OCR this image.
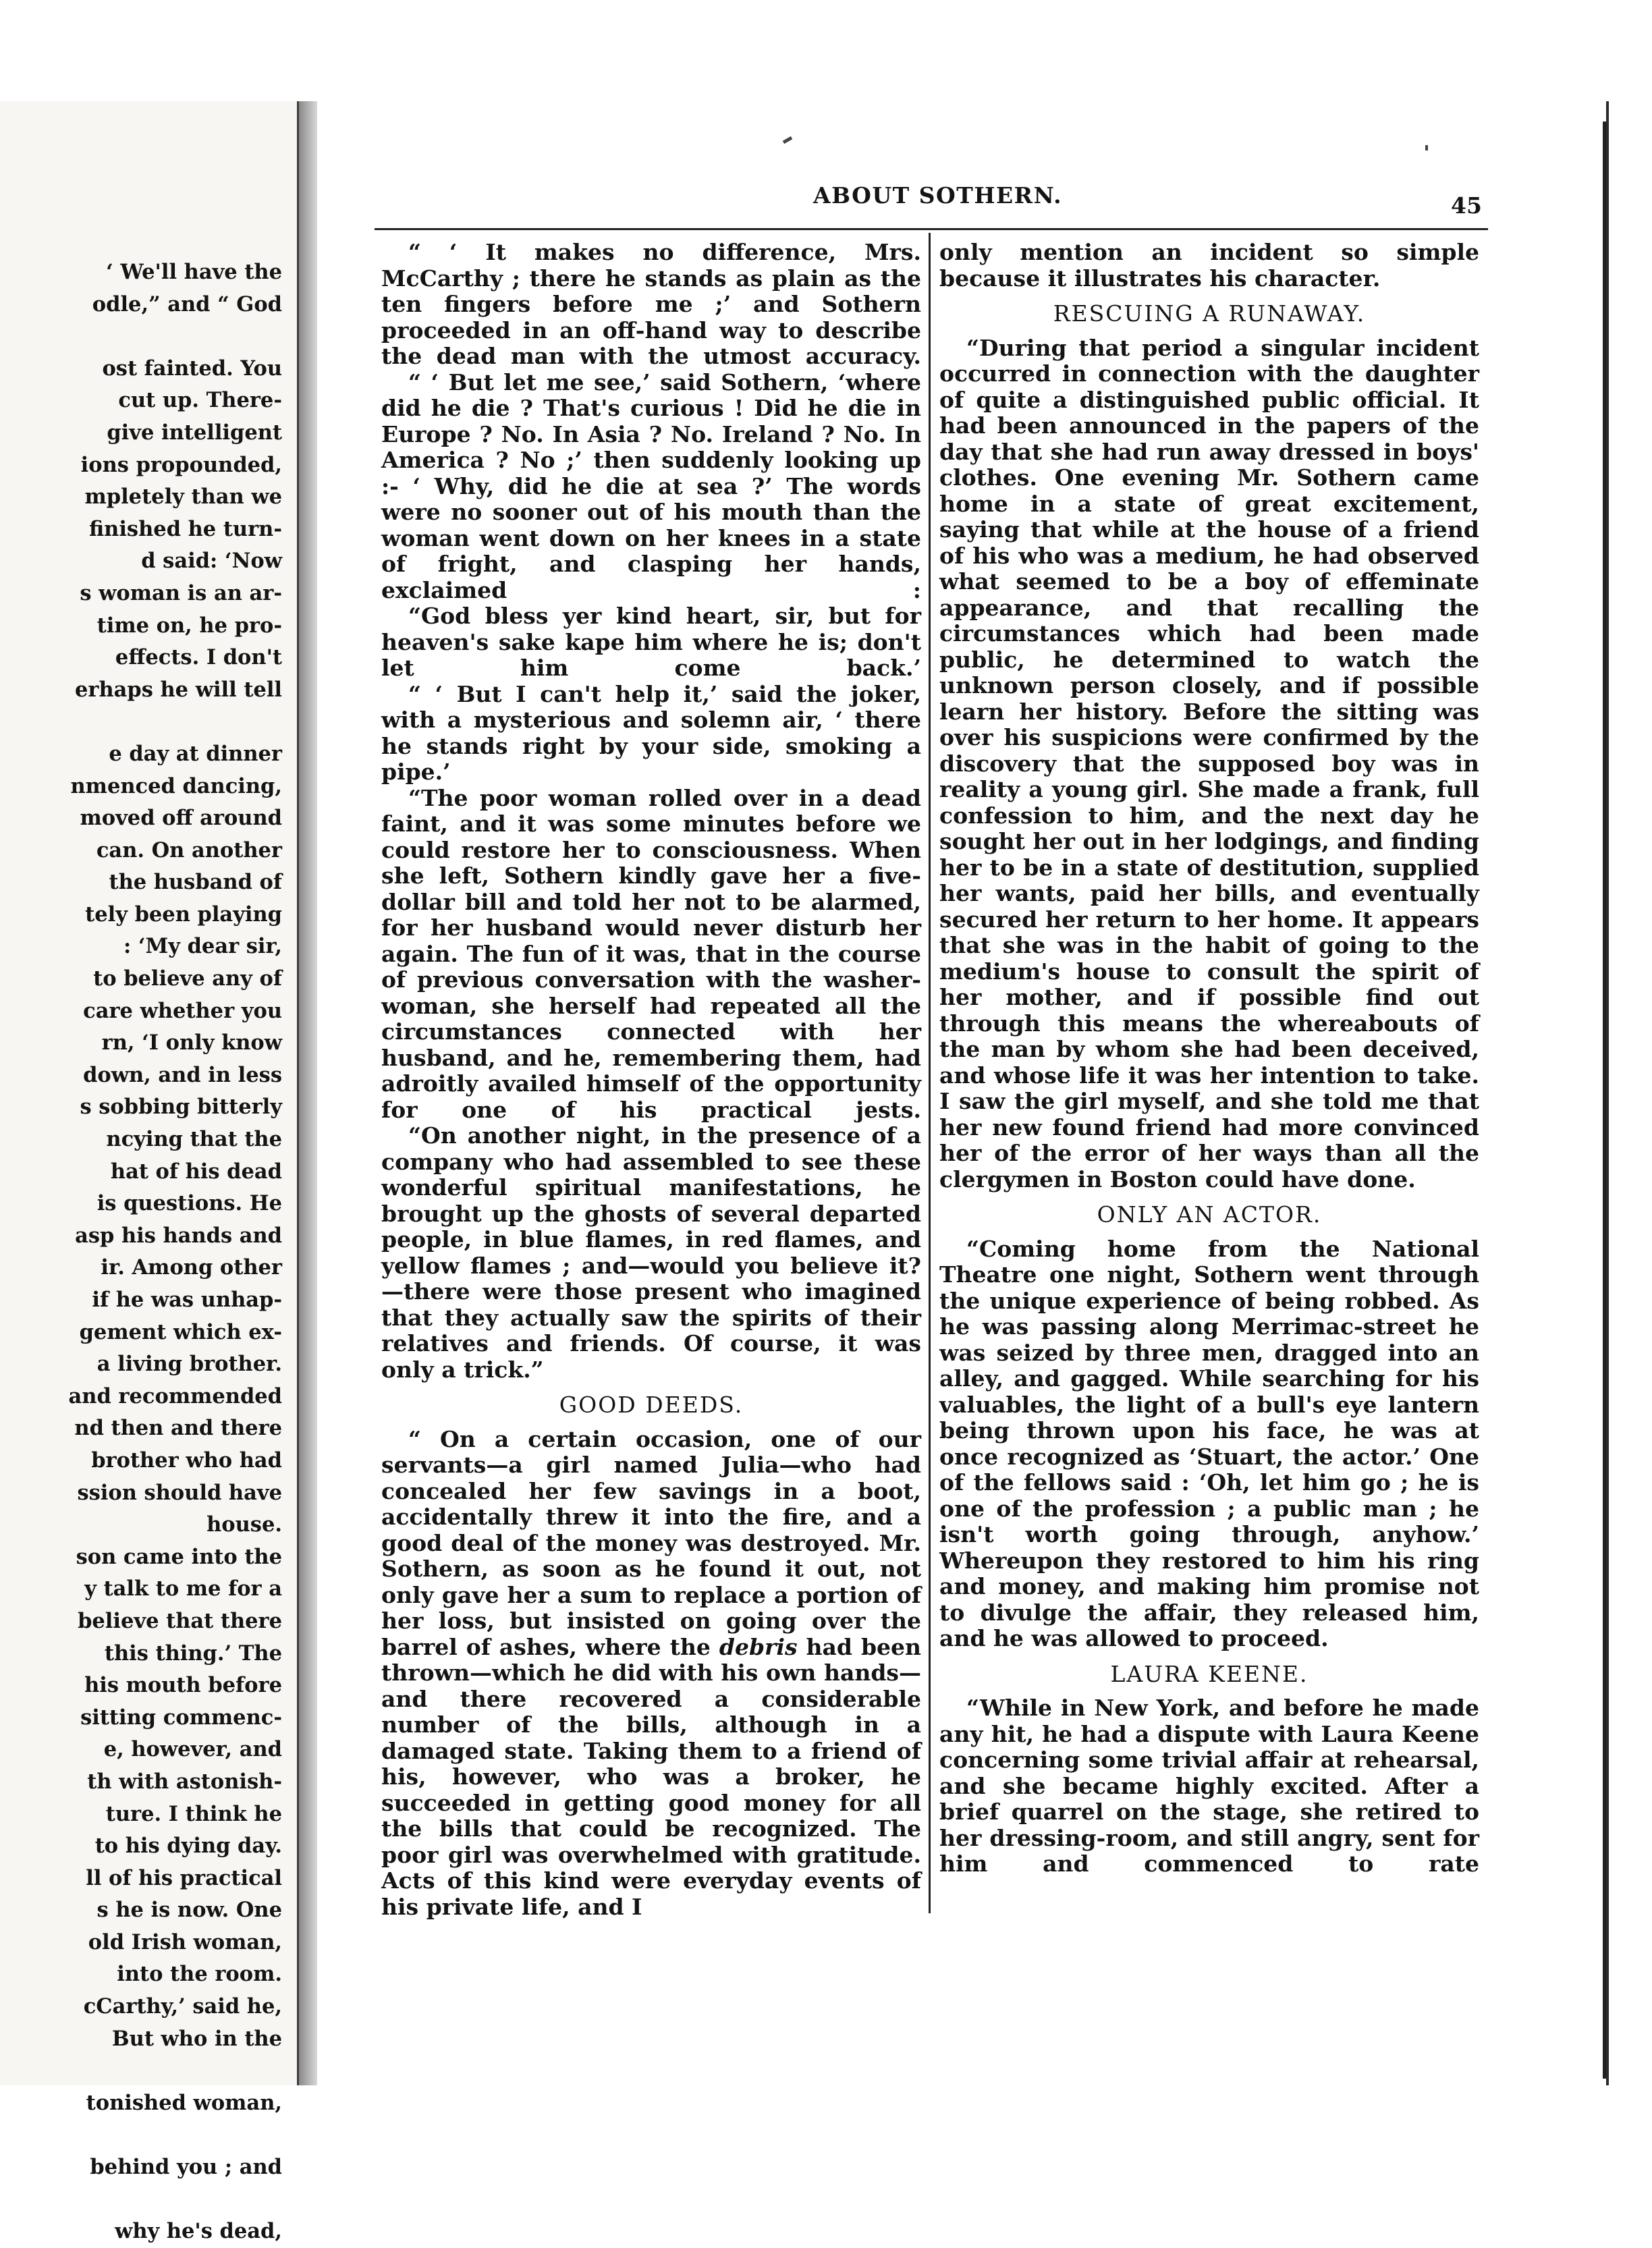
‘ We'll have the
odle,” and “ God
ost fainted. You
cut up. There-
give intelligent
ions propounded,
mpletely than we
finished he turn-
d said: ‘Now
s woman is an ar-
time on, he pro-
effects. I don't
erhaps he will tell
e day at dinner
nmenced dancing,
moved off around
can. On another
the husband of
tely been playing
: ‘My dear sir,
to believe any of
care whether you
rn, ‘I only know
down, and in less
s sobbing bitterly
ncying that the
hat of his dead
is questions. He
asp his hands and
ir. Among other
if he was unhap-
gement which ex-
a living brother.
and recommended
nd then and there
brother who had
ssion should have
house.
son came into the
y talk to me for a
believe that there
this thing.’ The
his mouth before
sitting commenc-
e, however, and
th with astonish-
ture. I think he
to his dying day.
ll of his practical
s he is now. One
old Irish woman,
into the room.
cCarthy,’ said he,
But who in the
tonished woman,
behind you ; and
why he's dead,
ABOUT SOTHERN.	45

“ ‘ It makes no difference, Mrs. McCarthy ; there he stands as plain as the ten fingers before me ;’ and Sothern proceeded in an off-hand way to describe the dead man with the utmost accuracy.

“ ‘ But let me see,’ said Sothern, ‘where did he die ? That's curious ! Did he die in Europe ? No. In Asia ? No. Ireland ? No. In America ? No ;’ then suddenly looking up :- ‘ Why, did he die at sea ?’ The words were no sooner out of his mouth than the woman went down on her knees in a state of fright, and clasping her hands, exclaimed :

“God bless yer kind heart, sir, but for heaven's sake kape him where he is; don't let him come back.’

“ ‘ But I can't help it,’ said the joker, with a mysterious and solemn air, ‘ there he stands right by your side, smoking a pipe.’

“The poor woman rolled over in a dead faint, and it was some minutes before we could restore her to consciousness. When she left, Sothern kindly gave her a five-dollar bill and told her not to be alarmed, for her husband would never disturb her again. The fun of it was, that in the course of previous conversation with the washer-woman, she herself had repeated all the circumstances connected with her husband, and he, remembering them, had adroitly availed himself of the opportunity for one of his practical jests.

“On another night, in the presence of a company who had assembled to see these wonderful spiritual manifestations, he brought up the ghosts of several departed people, in blue flames, in red flames, and yellow flames ; and—would you believe it?—there were those present who imagined that they actually saw the spirits of their relatives and friends. Of course, it was only a trick.”

GOOD DEEDS.

“ On a certain occasion, one of our servants—a girl named Julia—who had concealed her few savings in a boot, accidentally threw it into the fire, and a good deal of the money was destroyed. Mr. Sothern, as soon as he found it out, not only gave her a sum to replace a portion of her loss, but insisted on going over the barrel of ashes, where the debris had been thrown—which he did with his own hands—and there recovered a considerable number of the bills, although in a damaged state. Taking them to a friend of his, however, who was a broker, he succeeded in getting good money for all the bills that could be recognized. The poor girl was overwhelmed with gratitude. Acts of this kind were everyday events of his private life, and I

only mention an incident so simple because it illustrates his character.

RESCUING A RUNAWAY.

“During that period a singular incident occurred in connection with the daughter of quite a distinguished public official. It had been announced in the papers of the day that she had run away dressed in boys' clothes. One evening Mr. Sothern came home in a state of great excitement, saying that while at the house of a friend of his who was a medium, he had observed what seemed to be a boy of effeminate appearance, and that recalling the circumstances which had been made public, he determined to watch the unknown person closely, and if possible learn her history. Before the sitting was over his suspicions were confirmed by the discovery that the supposed boy was in reality a young girl. She made a frank, full confession to him, and the next day he sought her out in her lodgings, and finding her to be in a state of destitution, supplied her wants, paid her bills, and eventually secured her return to her home. It appears that she was in the habit of going to the medium's house to consult the spirit of her mother, and if possible find out through this means the whereabouts of the man by whom she had been deceived, and whose life it was her intention to take. I saw the girl myself, and she told me that her new found friend had more convinced her of the error of her ways than all the clergymen in Boston could have done.

ONLY AN ACTOR.

“Coming home from the National Theatre one night, Sothern went through the unique experience of being robbed. As he was passing along Merrimac-street he was seized by three men, dragged into an alley, and gagged. While searching for his valuables, the light of a bull's eye lantern being thrown upon his face, he was at once recognized as ‘Stuart, the actor.’ One of the fellows said : ‘Oh, let him go ; he is one of the profession ; a public man ; he isn't worth going through, anyhow.’ Whereupon they restored to him his ring and money, and making him promise not to divulge the affair, they released him, and he was allowed to proceed.

LAURA KEENE.

“While in New York, and before he made any hit, he had a dispute with Laura Keene concerning some trivial affair at rehearsal, and she became highly excited. After a brief quarrel on the stage, she retired to her dressing-room, and still angry, sent for him and commenced to rate
